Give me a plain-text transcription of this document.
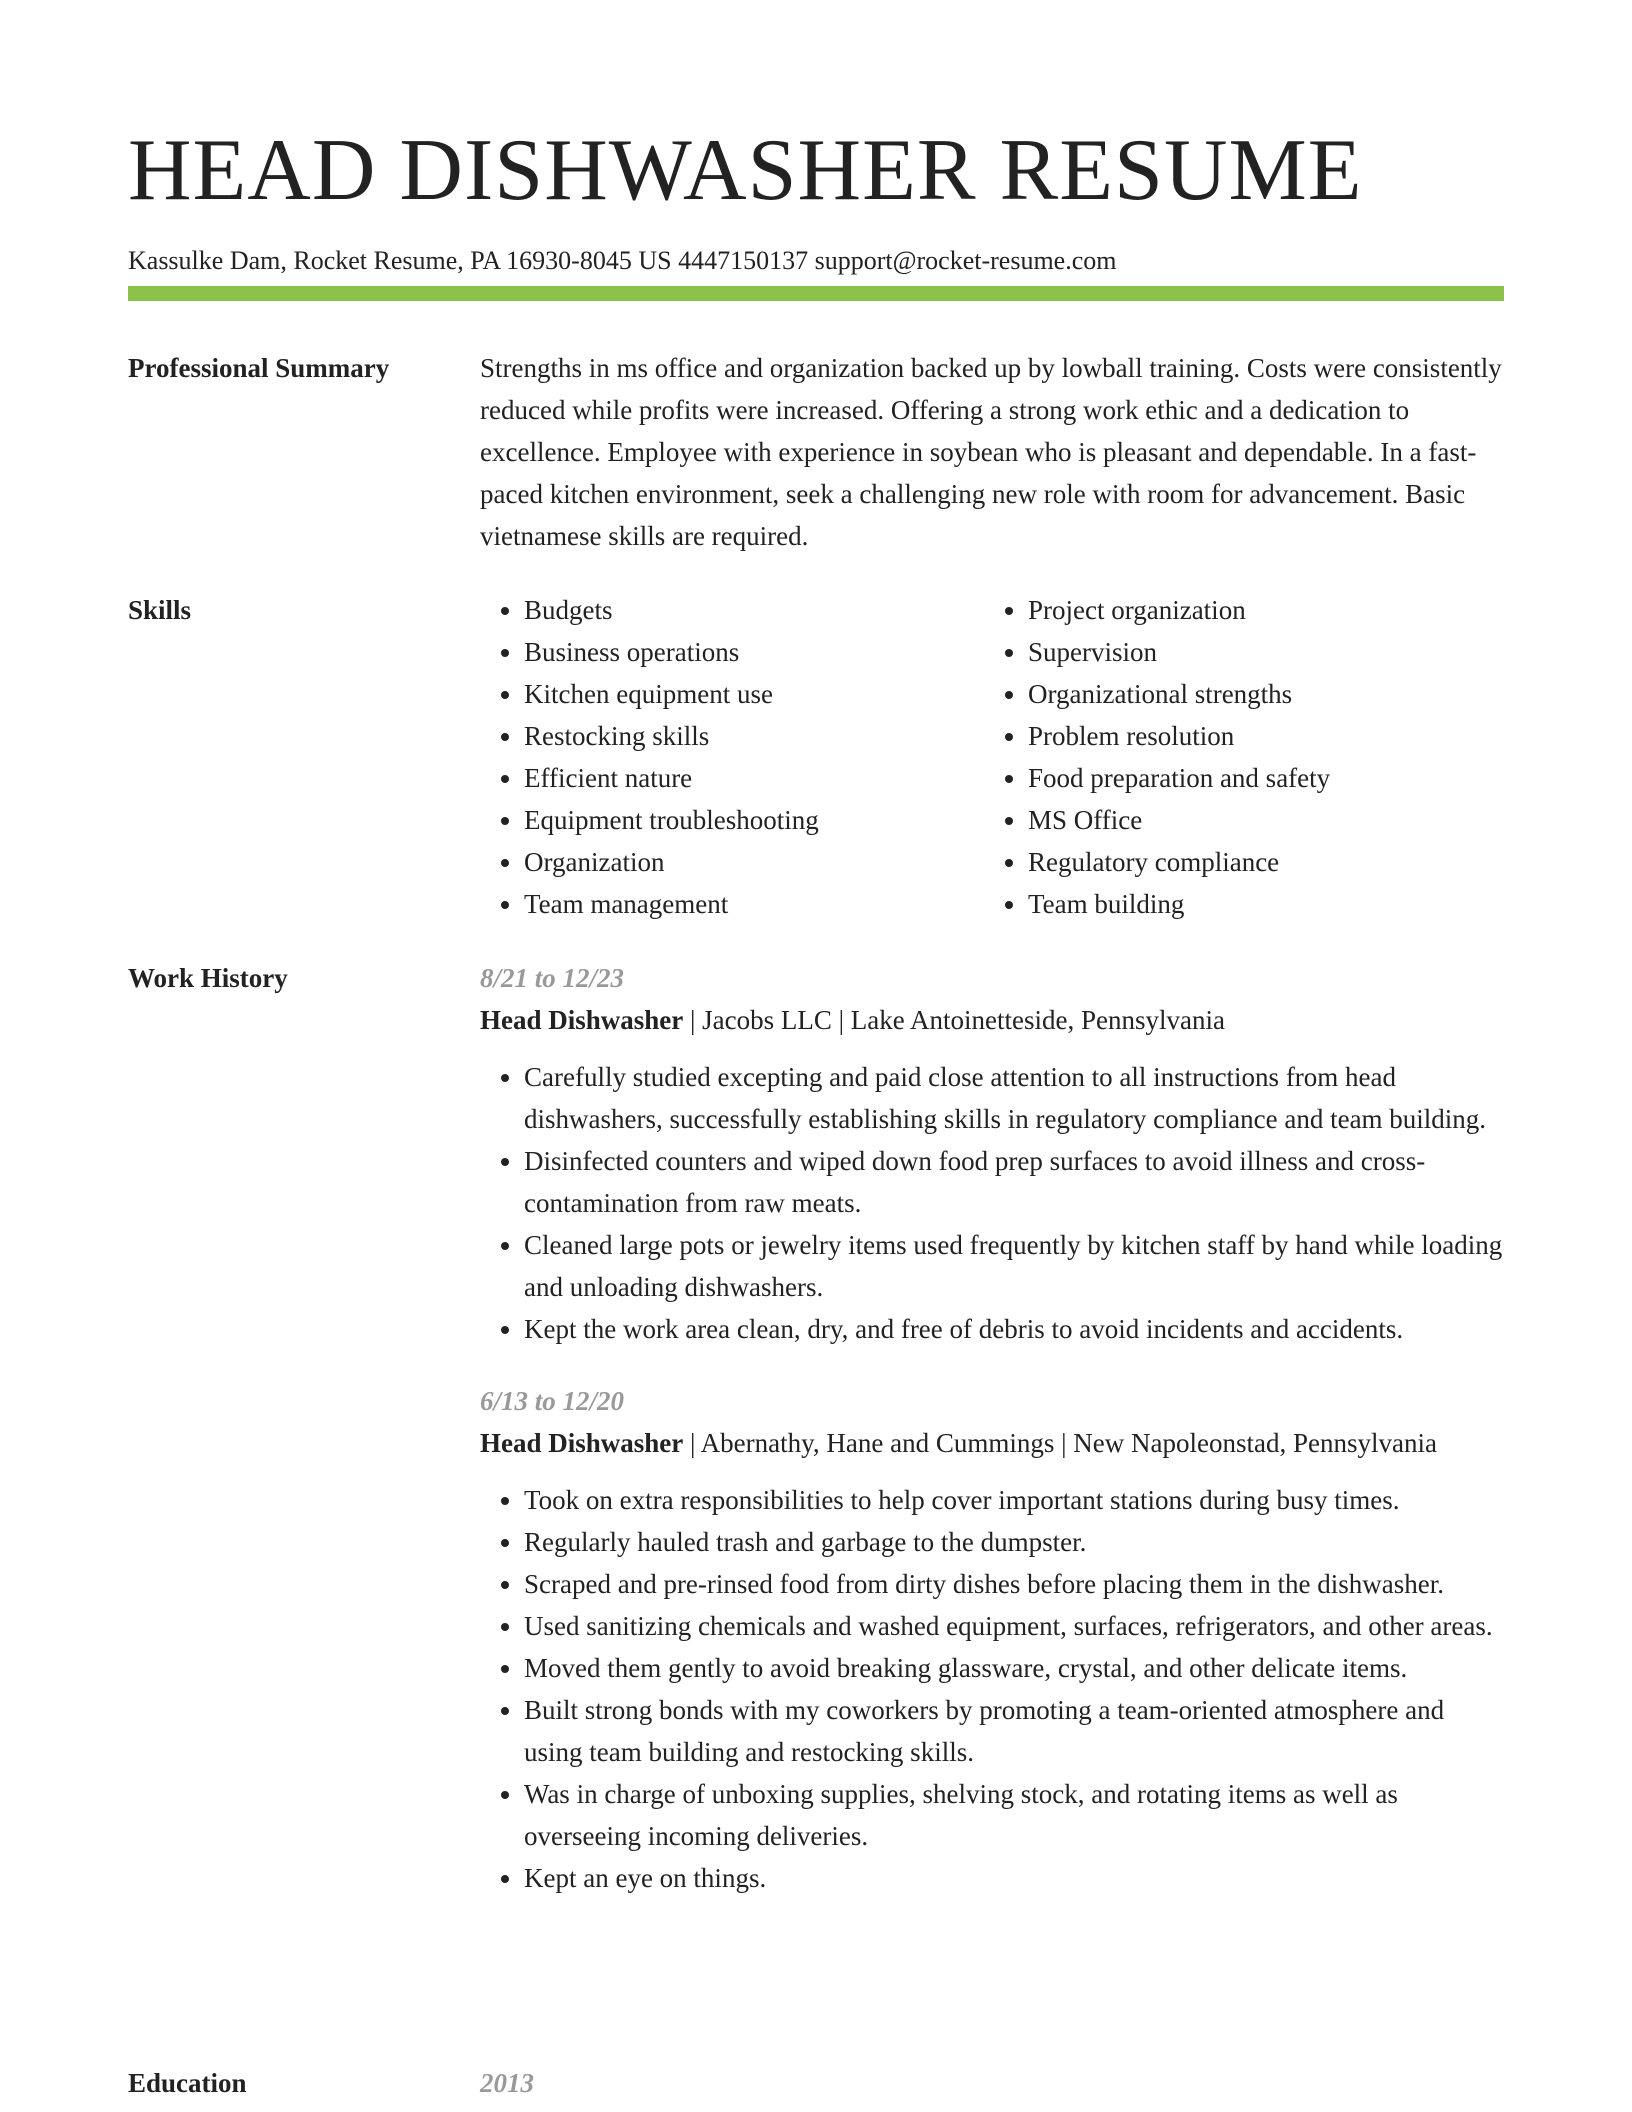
HEAD DISHWASHER RESUME
Kassulke Dam, Rocket Resume, PA 16930-8045 US 4447150137 support@rocket-resume.com
Professional Summary	Strengths in ms office and organization backed up by lowball training. Costs were consistently reduced while profits were increased. Offering a strong work ethic and a dedication to excellence. Employee with experience in soybean who is pleasant and dependable. In a fast-paced kitchen environment, seek a challenging new role with room for advancement. Basic vietnamese skills are required.

Skills
•	Budgets
• Business operations
• Kitchen equipment use
• Restocking skills
• Efficient nature
• Equipment troubleshooting
• Organization
• Team management
• Project organization
• Supervision
• Organizational strengths
• Problem resolution
• Food preparation and safety
• MS Office
• Regulatory compliance
• Team building
Work History	8/21 to 12/23
Head Dishwasher | Jacobs LLC | Lake Antoinetteside, Pennsylvania
• Carefully studied excepting and paid close attention to all instructions from head dishwashers, successfully establishing skills in regulatory compliance and team building.
• Disinfected counters and wiped down food prep surfaces to avoid illness and cross-contamination from raw meats.
• Cleaned large pots or jewelry items used frequently by kitchen staff by hand while loading and unloading dishwashers.
• Kept the work area clean, dry, and free of debris to avoid incidents and accidents.
6/13 to 12/20
Head Dishwasher | Abernathy, Hane and Cummings | New Napoleonstad, Pennsylvania
• Took on extra responsibilities to help cover important stations during busy times.
• Regularly hauled trash and garbage to the dumpster.
• Scraped and pre-rinsed food from dirty dishes before placing them in the dishwasher.
• Used sanitizing chemicals and washed equipment, surfaces, refrigerators, and other areas.
• Moved them gently to avoid breaking glassware, crystal, and other delicate items.
• Built strong bonds with my coworkers by promoting a team-oriented atmosphere and using team building and restocking skills.
• Was in charge of unboxing supplies, shelving stock, and rotating items as well as overseeing incoming deliveries.
• Kept an eye on things.
Education	2013
